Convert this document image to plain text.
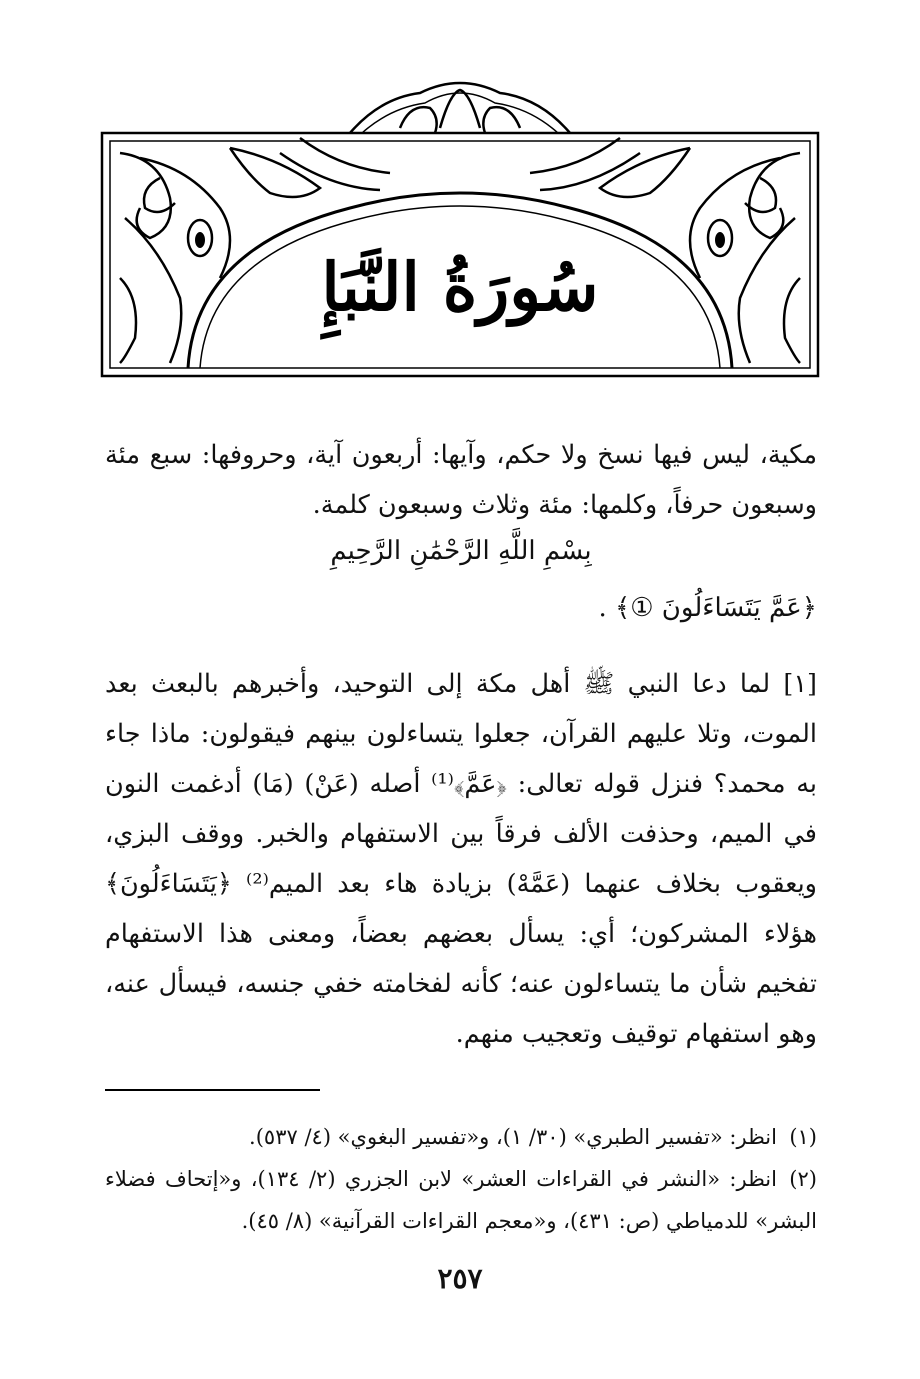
سُورَةُ النَّبَإِ
مكية، ليس فيها نسخ ولا حكم، وآيها: أربعون آية، وحروفها: سبع مئة وسبعون حرفاً، وكلمها: مئة وثلاث وسبعون كلمة.
بِسْمِ اللَّهِ الرَّحْمَٰنِ الرَّحِيمِ
﴿عَمَّ يَتَسَاءَلُونَ ①﴾ .
[١] لما دعا النبي ﷺ أهل مكة إلى التوحيد، وأخبرهم بالبعث بعد الموت، وتلا عليهم القرآن، جعلوا يتساءلون بينهم فيقولون: ماذا جاء به محمد؟ فنزل قوله تعالى: ﴿عَمَّ﴾⁽¹⁾ أصله (عَنْ) (مَا) أدغمت النون في الميم، وحذفت الألف فرقاً بين الاستفهام والخبر. ووقف البزي، ويعقوب بخلاف عنهما (عَمَّهْ) بزيادة هاء بعد الميم⁽²⁾ ﴿يَتَسَاءَلُونَ﴾ هؤلاء المشركون؛ أي: يسأل بعضهم بعضاً، ومعنى هذا الاستفهام تفخيم شأن ما يتساءلون عنه؛ كأنه لفخامته خفي جنسه، فيسأل عنه، وهو استفهام توقيف وتعجيب منهم.
(١)انظر: «تفسير الطبري» (٣٠/ ١)، و«تفسير البغوي» (٤/ ٥٣٧).
(٢)انظر: «النشر في القراءات العشر» لابن الجزري (٢/ ١٣٤)، و«إتحاف فضلاء البشر» للدمياطي (ص: ٤٣١)، و«معجم القراءات القرآنية» (٨/ ٤٥).
٢٥٧
